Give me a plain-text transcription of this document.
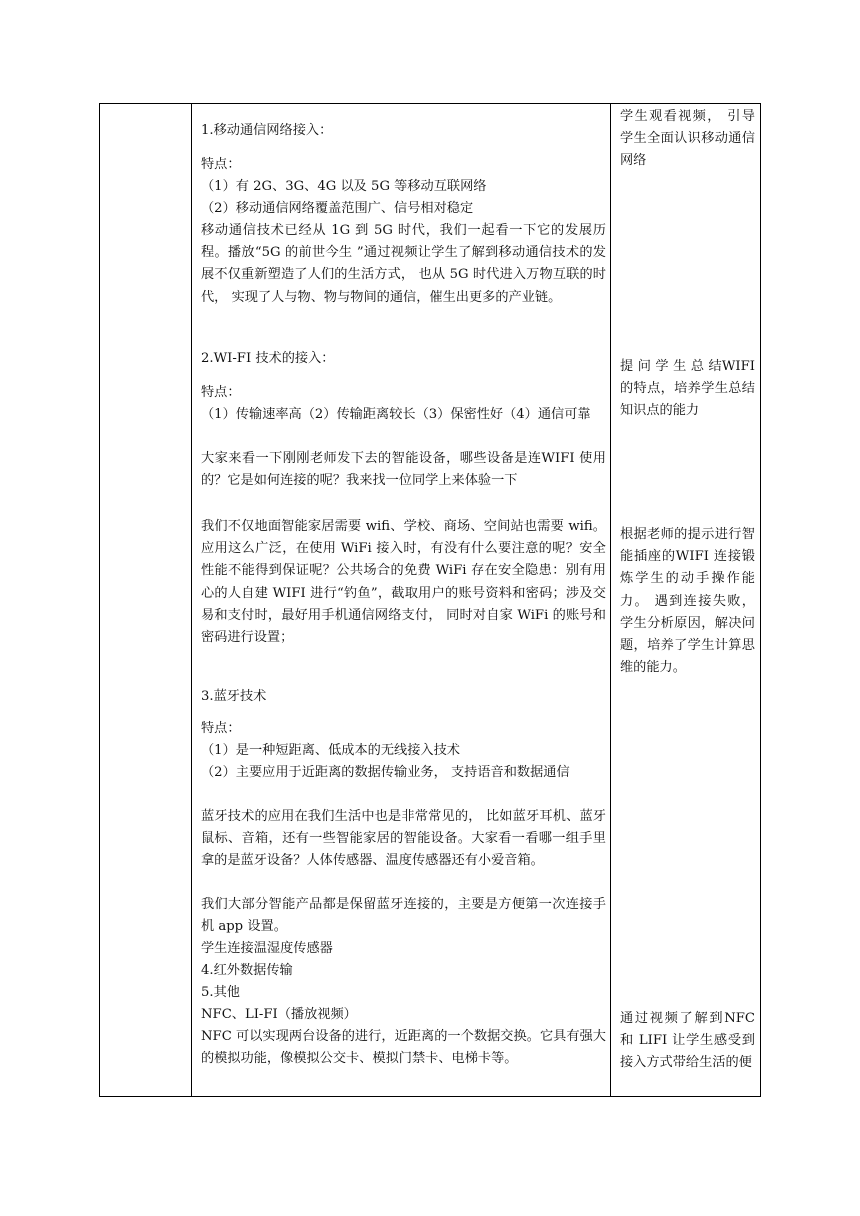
1.移动通信网络接入：

特点：

（1）有 2G、3G、4G 以及 5G 等移动互联网络

（2）移动通信网络覆盖范围广、信号相对稳定

移动通信技术已经从 1G 到 5G 时代，我们一起看一下它的发展历程。播放“5G 的前世今生 ”通过视频让学生了解到移动通信技术的发展不仅重新塑造了人们的生活方式， 也从 5G 时代进入万物互联的时代， 实现了人与物、物与物间的通信，催生出更多的产业链。

2.WI-FI 技术的接入：

特点：

（1）传输速率高（2）传输距离较长（3）保密性好（4）通信可靠

大家来看一下刚刚老师发下去的智能设备，哪些设备是连WIFI 使用的？它是如何连接的呢？我来找一位同学上来体验一下

我们不仅地面智能家居需要 wifi、学校、商场、空间站也需要 wifi。应用这么广泛，在使用 WiFi 接入时，有没有什么要注意的呢？安全性能不能得到保证呢？公共场合的免费 WiFi 存在安全隐患：别有用心的人自建 WIFI 进行“钓鱼”，截取用户的账号资料和密码；涉及交易和支付时，最好用手机通信网络支付， 同时对自家 WiFi 的账号和密码进行设置；

3.蓝牙技术

特点：

（1）是一种短距离、低成本的无线接入技术

（2）主要应用于近距离的数据传输业务， 支持语音和数据通信

蓝牙技术的应用在我们生活中也是非常常见的， 比如蓝牙耳机、蓝牙鼠标、音箱，还有一些智能家居的智能设备。大家看一看哪一组手里拿的是蓝牙设备？人体传感器、温度传感器还有小爱音箱。

我们大部分智能产品都是保留蓝牙连接的，主要是方便第一次连接手机 app 设置。

学生连接温湿度传感器

4.红外数据传输

5.其他

NFC、LI-FI（播放视频）

NFC 可以实现两台设备的进行，近距离的一个数据交换。它具有强大的模拟功能，像模拟公交卡、模拟门禁卡、电梯卡等。

学生观看视频， 引导学生全面认识移动通信网络

提 问 学 生 总 结WIFI 的特点，培养学生总结知识点的能力

根据老师的提示进行智能插座的WIFI 连接锻炼学生的动手操作能力。 遇到连接失败， 学生分析原因，解决问题，培养了学生计算思维的能力。

通过视频了解到NFC 和 LIFI 让学生感受到接入方式带给生活的便
